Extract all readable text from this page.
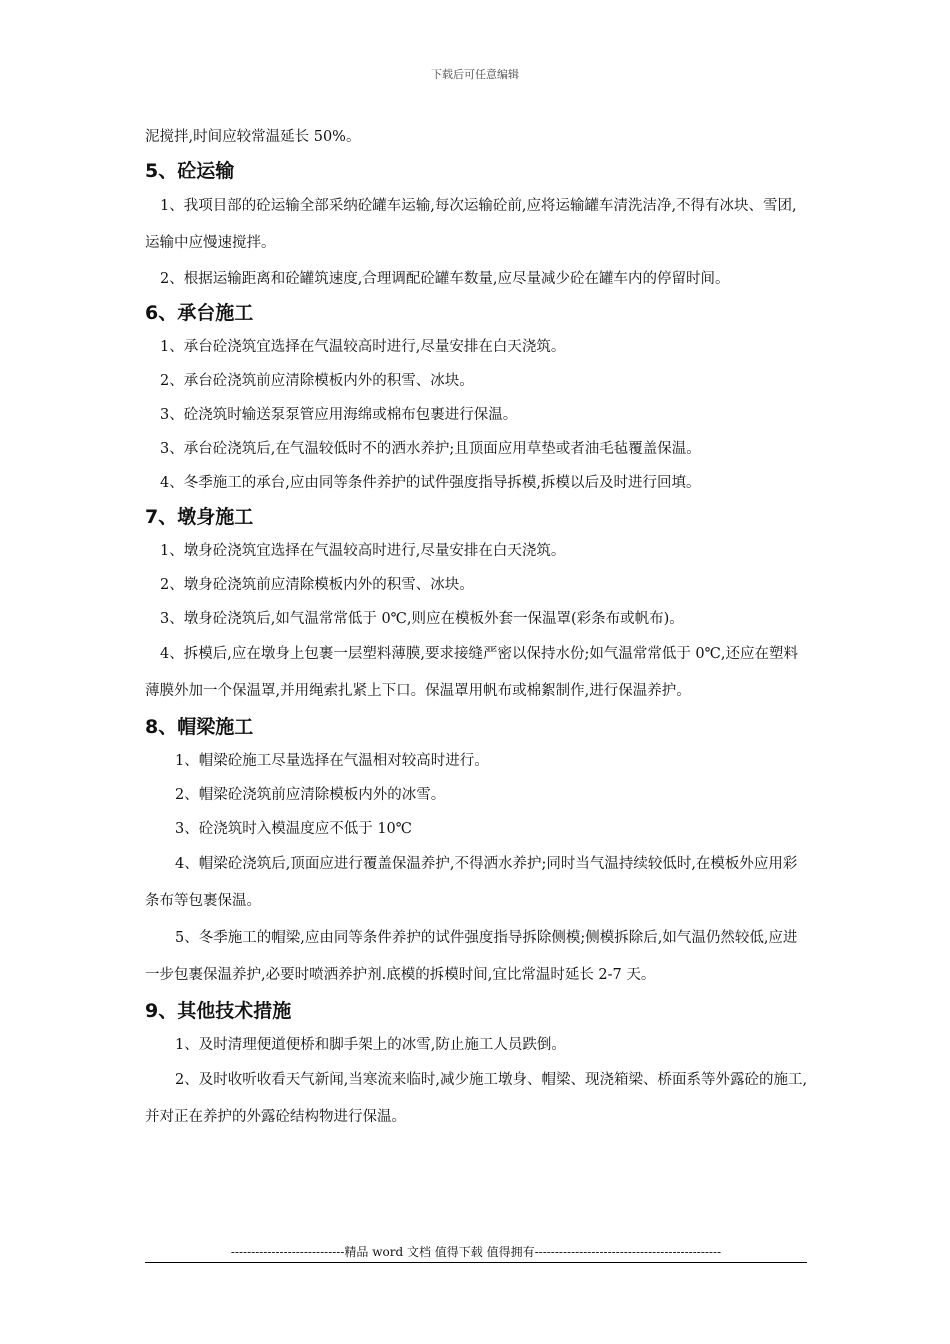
下载后可任意编辑

泥搅拌,时间应较常温延长 50%。

5、砼运输

1、我项目部的砼运输全部采纳砼罐车运输,每次运输砼前,应将运输罐车清洗洁净,不得有冰块、雪团,运输中应慢速搅拌。

2、根据运输距离和砼罐筑速度,合理调配砼罐车数量,应尽量减少砼在罐车内的停留时间。

6、承台施工

1、承台砼浇筑宜选择在气温较高时进行,尽量安排在白天浇筑。

2、承台砼浇筑前应清除模板内外的积雪、冰块。

3、砼浇筑时输送泵泵管应用海绵或棉布包裹进行保温。

3、承台砼浇筑后,在气温较低时不的洒水养护;且顶面应用草垫或者油毛毡覆盖保温。

4、冬季施工的承台,应由同等条件养护的试件强度指导拆模,拆模以后及时进行回填。

7、墩身施工

1、墩身砼浇筑宜选择在气温较高时进行,尽量安排在白天浇筑。

2、墩身砼浇筑前应清除模板内外的积雪、冰块。

3、墩身砼浇筑后,如气温常常低于 0℃,则应在模板外套一保温罩(彩条布或帆布)。

4、拆模后,应在墩身上包裹一层塑料薄膜,要求接缝严密以保持水份;如气温常常低于 0℃,还应在塑料薄膜外加一个保温罩,并用绳索扎紧上下口。保温罩用帆布或棉絮制作,进行保温养护。

8、帽梁施工

1、帽梁砼施工尽量选择在气温相对较高时进行。

2、帽梁砼浇筑前应清除模板内外的冰雪。

3、砼浇筑时入模温度应不低于 10℃

4、帽梁砼浇筑后,顶面应进行覆盖保温养护,不得洒水养护;同时当气温持续较低时,在模板外应用彩条布等包裹保温。

5、冬季施工的帽梁,应由同等条件养护的试件强度指导拆除侧模;侧模拆除后,如气温仍然较低,应进一步包裹保温养护,必要时喷洒养护剂.底模的拆模时间,宜比常温时延长 2-7 天。

9、其他技术措施

1、及时清理便道便桥和脚手架上的冰雪,防止施工人员跌倒。

2、及时收听收看天气新闻,当寒流来临时,减少施工墩身、帽梁、现浇箱梁、桥面系等外露砼的施工,并对正在养护的外露砼结构物进行保温。

----------------------------精品 word 文档 值得下载 值得拥有----------------------------------------------
